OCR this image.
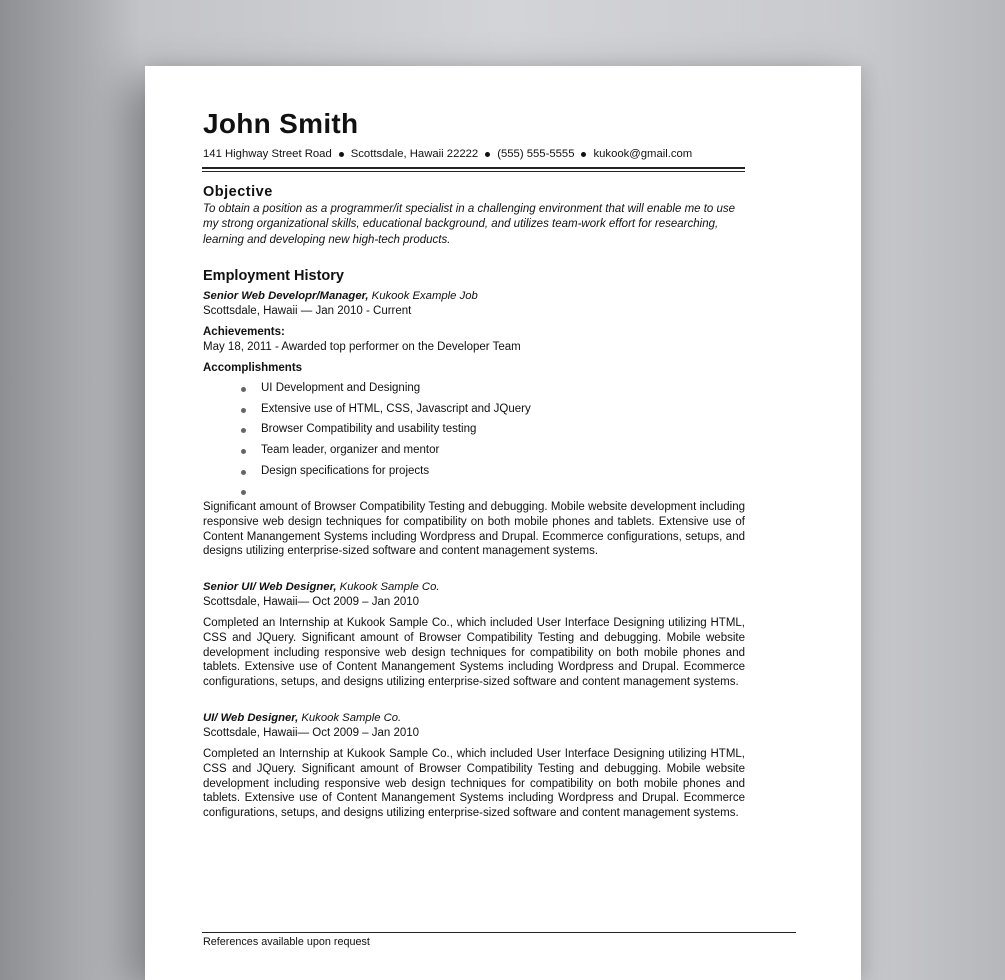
John Smith
141 Highway Street Road Scottsdale, Hawaii 22222 (555) 555-5555 kukook@gmail.com
Objective
To obtain a position as a programmer/it specialist in a challenging environment that will enable me to use my strong organizational skills, educational background, and utilizes team-work effort for researching, learning and developing new high-tech products.
Employment History
Senior Web Developr/Manager, Kukook Example Job
Scottsdale, Hawaii — Jan 2010 - Current
Achievements:
May 18, 2011 - Awarded top performer on the Developer Team
Accomplishments
UI Development and Designing
Extensive use of HTML, CSS, Javascript and JQuery
Browser Compatibility and usability testing
Team leader, organizer and mentor
Design specifications for projects
Significant amount of Browser Compatibility Testing and debugging. Mobile website development including responsive web design techniques for compatibility on both mobile phones and tablets. Extensive use of Content Manangement Systems including Wordpress and Drupal. Ecommerce configurations, setups, and designs utilizing enterprise-sized software and content management systems.
Senior UI/ Web Designer, Kukook Sample Co.
Scottsdale, Hawaii— Oct 2009 – Jan 2010
Completed an Internship at Kukook Sample Co., which included User Interface Designing utilizing HTML, CSS and JQuery. Significant amount of Browser Compatibility Testing and debugging. Mobile website development including responsive web design techniques for compatibility on both mobile phones and tablets. Extensive use of Content Manangement Systems including Wordpress and Drupal. Ecommerce configurations, setups, and designs utilizing enterprise-sized software and content management systems.
UI/ Web Designer, Kukook Sample Co.
Scottsdale, Hawaii— Oct 2009 – Jan 2010
Completed an Internship at Kukook Sample Co., which included User Interface Designing utilizing HTML, CSS and JQuery. Significant amount of Browser Compatibility Testing and debugging. Mobile website development including responsive web design techniques for compatibility on both mobile phones and tablets. Extensive use of Content Manangement Systems including Wordpress and Drupal. Ecommerce configurations, setups, and designs utilizing enterprise-sized software and content management systems.
References available upon request
